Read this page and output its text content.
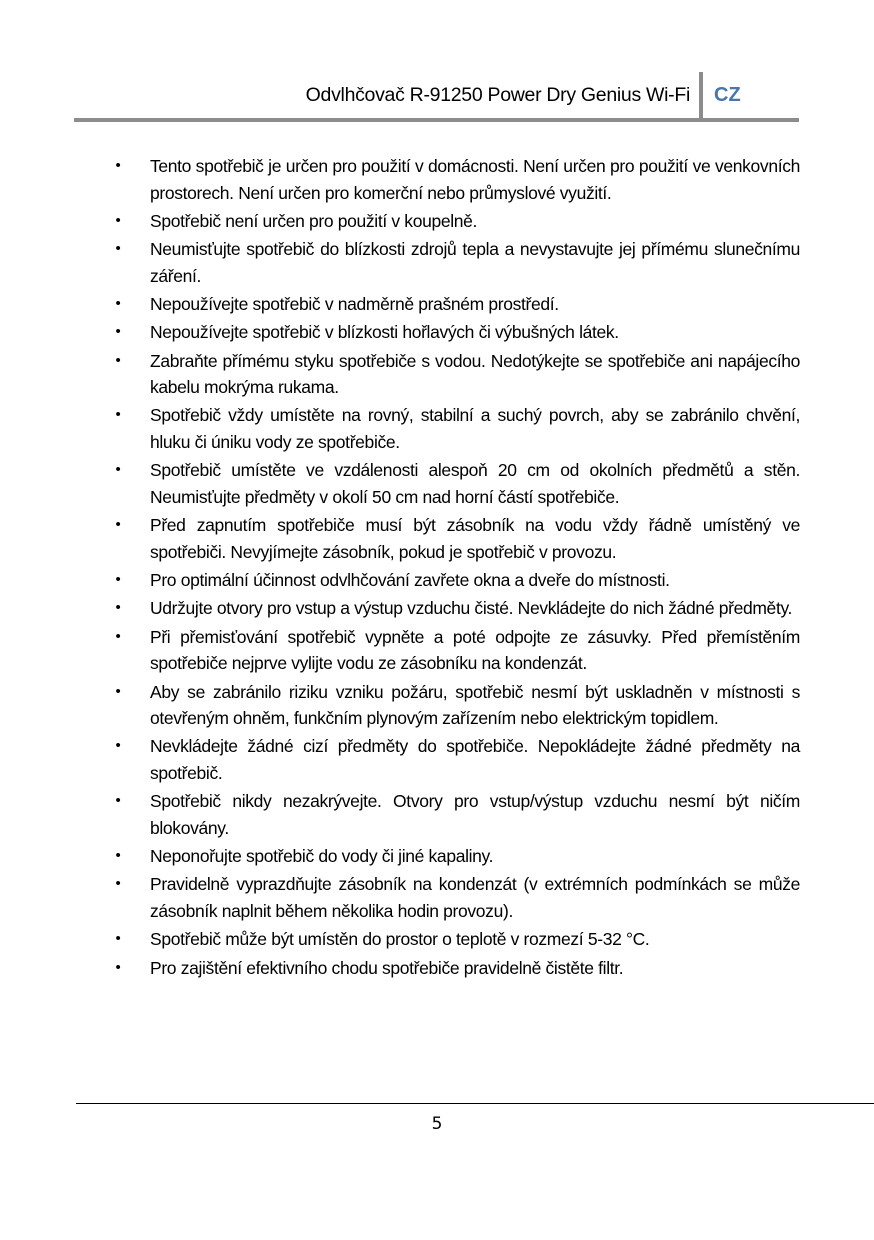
Odvlhčovač R-91250 Power Dry Genius Wi-Fi CZ
• Tento spotřebič je určen pro použití v domácnosti. Není určen pro použití ve venkovních prostorech. Není určen pro komerční nebo průmyslové využití.
• Spotřebič není určen pro použití v koupelně.
• Neumisťujte spotřebič do blízkosti zdrojů tepla a nevystavujte jej přímému slunečnímu záření.
• Nepoužívejte spotřebič v nadměrně prašném prostředí.
• Nepoužívejte spotřebič v blízkosti hořlavých či výbušných látek.
• Zabraňte přímému styku spotřebiče s vodou. Nedotýkejte se spotřebiče ani napájecího kabelu mokrýma rukama.
• Spotřebič vždy umístěte na rovný, stabilní a suchý povrch, aby se zabránilo chvění, hluku či úniku vody ze spotřebiče.
• Spotřebič umístěte ve vzdálenosti alespoň 20 cm od okolních předmětů a stěn. Neumisťujte předměty v okolí 50 cm nad horní částí spotřebiče.
• Před zapnutím spotřebiče musí být zásobník na vodu vždy řádně umístěný ve spotřebiči. Nevyjímejte zásobník, pokud je spotřebič v provozu.
• Pro optimální účinnost odvlhčování zavřete okna a dveře do místnosti.
• Udržujte otvory pro vstup a výstup vzduchu čisté. Nevkládejte do nich žádné předměty.
• Při přemisťování spotřebič vypněte a poté odpojte ze zásuvky. Před přemístěním spotřebiče nejprve vylijte vodu ze zásobníku na kondenzát.
• Aby se zabránilo riziku vzniku požáru, spotřebič nesmí být uskladněn v místnosti s otevřeným ohněm, funkčním plynovým zařízením nebo elektrickým topidlem.
• Nevkládejte žádné cizí předměty do spotřebiče. Nepokládejte žádné předměty na spotřebič.
• Spotřebič nikdy nezakrývejte. Otvory pro vstup/výstup vzduchu nesmí být ničím blokovány.
• Neponořujte spotřebič do vody či jiné kapaliny.
• Pravidelně vyprazdňujte zásobník na kondenzát (v extrémních podmínkách se může zásobník naplnit během několika hodin provozu).
• Spotřebič může být umístěn do prostor o teplotě v rozmezí 5-32 °C.
• Pro zajištění efektivního chodu spotřebiče pravidelně čistěte filtr.
5
